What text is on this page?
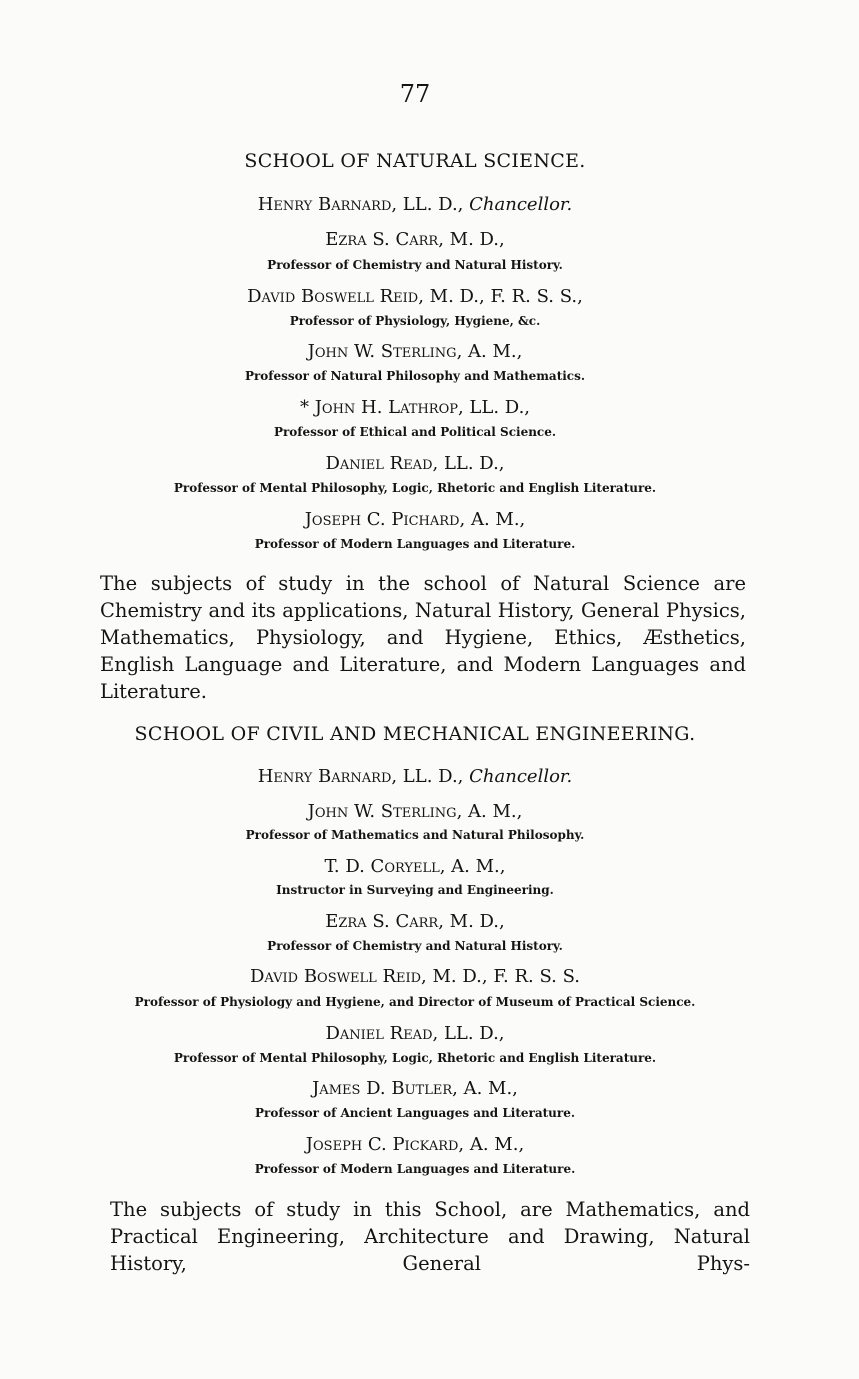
77
SCHOOL OF NATURAL SCIENCE.
Henry Barnard, LL. D., Chancellor.
Ezra S. Carr, M. D.,
Professor of Chemistry and Natural History.
David Boswell Reid, M. D., F. R. S. S.,
Professor of Physiology, Hygiene, &c.
John W. Sterling, A. M.,
Professor of Natural Philosophy and Mathematics.
* John H. Lathrop, LL. D.,
Professor of Ethical and Political Science.
Daniel Read, LL. D.,
Professor of Mental Philosophy, Logic, Rhetoric and English Literature.
Joseph C. Pichard, A. M.,
Professor of Modern Languages and Literature.

The subjects of study in the school of Natural Science are Chemistry and its applications, Natural History, General Physics, Mathematics, Physiology, and Hygiene, Ethics, Æsthetics, English Language and Literature, and Modern Languages and Literature.

SCHOOL OF CIVIL AND MECHANICAL ENGINEERING.
Henry Barnard, LL. D., Chancellor.
John W. Sterling, A. M.,
Professor of Mathematics and Natural Philosophy.
T. D. Coryell, A. M.,
Instructor in Surveying and Engineering.
Ezra S. Carr, M. D.,
Professor of Chemistry and Natural History.
David Boswell Reid, M. D., F. R. S. S.
Professor of Physiology and Hygiene, and Director of Museum of Practical Science.
Daniel Read, LL. D.,
Professor of Mental Philosophy, Logic, Rhetoric and English Literature.
James D. Butler, A. M.,
Professor of Ancient Languages and Literature.
Joseph C. Pickard, A. M.,
Professor of Modern Languages and Literature.

The subjects of study in this School, are Mathematics, and Practical Engineering, Architecture and Drawing, Natural History, General Phys-
